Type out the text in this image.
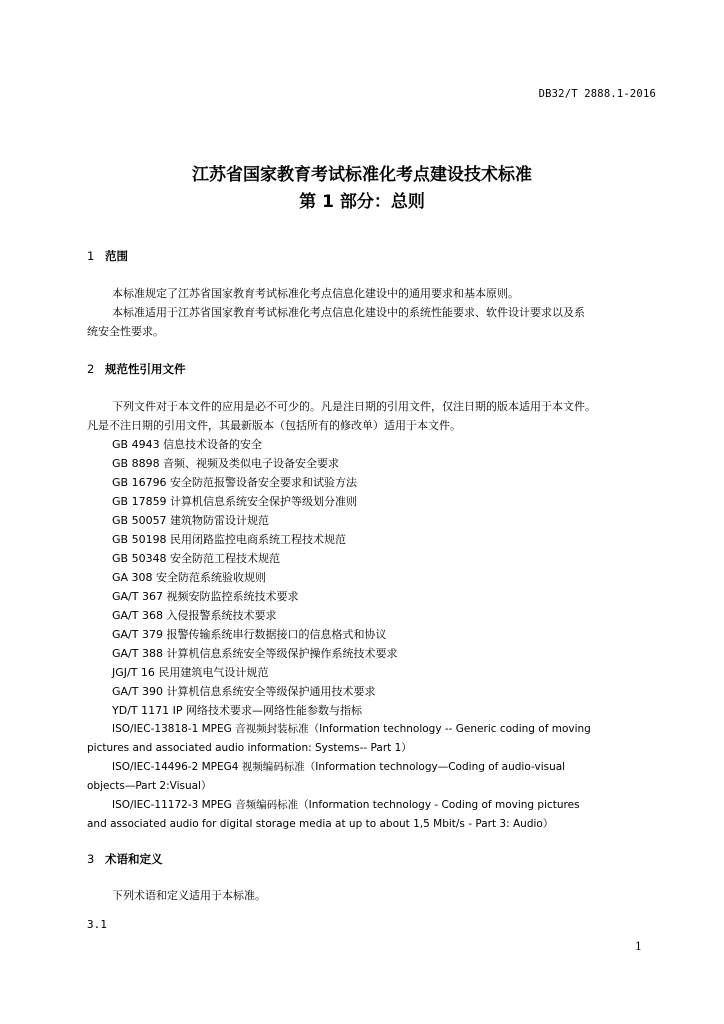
DB32/T 2888.1-2016
江苏省国家教育考试标准化考点建设技术标准
第 1 部分：总则
1 范围
本标准规定了江苏省国家教育考试标准化考点信息化建设中的通用要求和基本原则。
本标准适用于江苏省国家教育考试标准化考点信息化建设中的系统性能要求、软件设计要求以及系
统安全性要求。
2 规范性引用文件
下列文件对于本文件的应用是必不可少的。凡是注日期的引用文件，仅注日期的版本适用于本文件。
凡是不注日期的引用文件，其最新版本（包括所有的修改单）适用于本文件。
GB 4943 信息技术设备的安全
GB 8898 音频、视频及类似电子设备安全要求
GB 16796 安全防范报警设备安全要求和试验方法
GB 17859 计算机信息系统安全保护等级划分准则
GB 50057 建筑物防雷设计规范
GB 50198 民用闭路监控电商系统工程技术规范
GB 50348 安全防范工程技术规范
GA 308 安全防范系统验收规则
GA/T 367 视频安防监控系统技术要求
GA/T 368 入侵报警系统技术要求
GA/T 379 报警传输系统串行数据接口的信息格式和协议
GA/T 388 计算机信息系统安全等级保护操作系统技术要求
JGJ/T 16 民用建筑电气设计规范
GA/T 390 计算机信息系统安全等级保护通用技术要求
YD/T 1171 IP 网络技术要求—网络性能参数与指标
ISO/IEC-13818-1 MPEG 音视频封装标准（Information technology -- Generic coding of moving
pictures and associated audio information: Systems-- Part 1）
ISO/IEC-14496-2 MPEG4 视频编码标准（Information technology—Coding of audio-visual
objects—Part 2:Visual）
ISO/IEC-11172-3 MPEG 音频编码标准（Information technology - Coding of moving pictures
and associated audio for digital storage media at up to about 1,5 Mbit/s - Part 3: Audio）
3 术语和定义
下列术语和定义适用于本标准。
3.1
1
